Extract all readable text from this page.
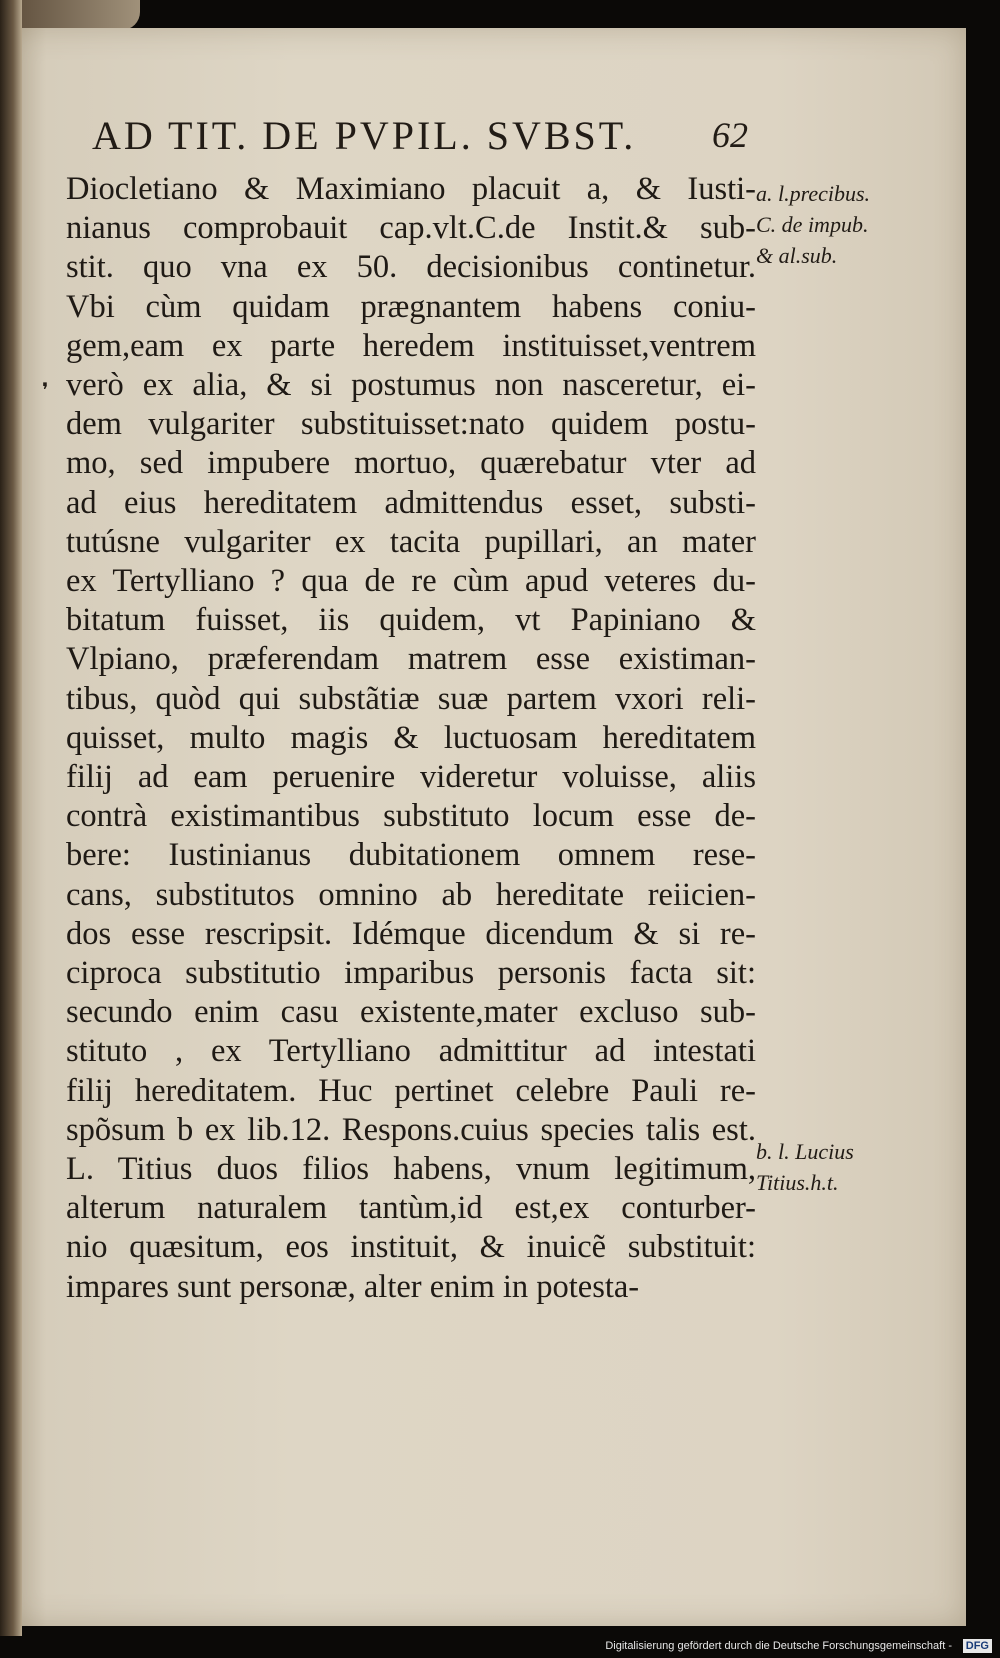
AD TIT. DE PVPIL. SVBST.	62
❜
Diocletiano & Maximiano placuit a, & Iusti-
nianus comprobauit cap.vlt.C.de Instit.& sub-
stit. quo vna ex 50. decisionibus continetur.
Vbi cùm quidam prægnantem habens coniu-
gem,eam ex parte heredem instituisset,ventrem
verò ex alia, & si postumus non nasceretur, ei-
dem vulgariter substituisset:nato quidem postu-
mo, sed impubere mortuo, quærebatur vter ad
ad eius hereditatem admittendus esset, substi-
tutúsne vulgariter ex tacita pupillari, an mater
ex Tertylliano ? qua de re cùm apud veteres du-
bitatum fuisset, iis quidem, vt Papiniano &
Vlpiano, præferendam matrem esse existiman-
tibus, quòd qui substãtiæ suæ partem vxori reli-
quisset, multo magis & luctuosam hereditatem
filij ad eam peruenire videretur voluisse, aliis
contrà existimantibus substituto locum esse de-
bere: Iustinianus dubitationem omnem rese-
cans, substitutos omnino ab hereditate reiicien-
dos esse rescripsit. Idémque dicendum & si re-
ciproca substitutio imparibus personis facta sit:
secundo enim casu existente,mater excluso sub-
stituto , ex Tertylliano admittitur ad intestati
filij hereditatem. Huc pertinet celebre Pauli re-
spõsum b ex lib.12. Respons.cuius species talis est.
L. Titius duos filios habens, vnum legitimum,
alterum naturalem tantùm,id est,ex conturber-
nio quæsitum, eos instituit, & inuicẽ substituit:
impares sunt personæ, alter enim in potesta-
a. l.precibus.
C. de impub.
& al.sub.
b. l. Lucius
Titius.h.t.
Digitalisierung gefördert durch die Deutsche Forschungsgemeinschaft - DFG
